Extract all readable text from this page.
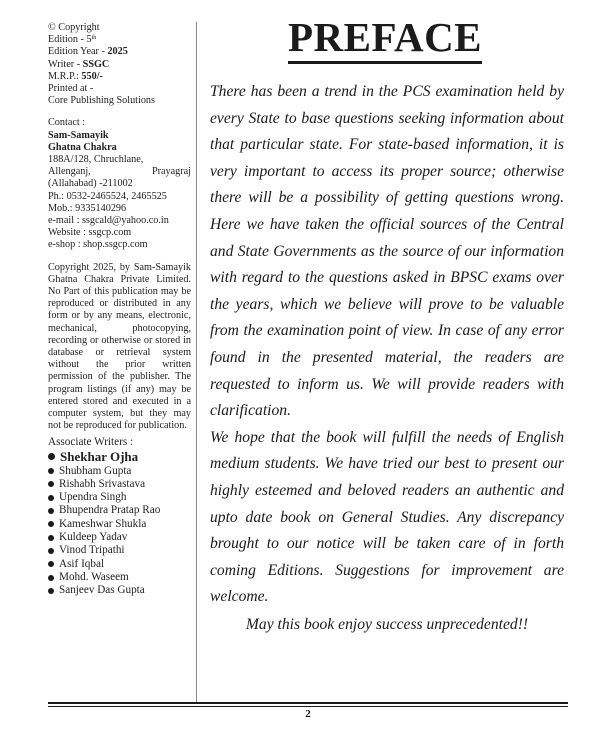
© Copyright
Edition - 5th
Edition Year - 2025
Writer - SSGC
M.R.P.: 550/-
Printed at -
Core Publishing Solutions
Contact :
Sam-Samayik
Ghatna Chakra
188A/128, Chruchlane,
Allenganj, Prayagraj
(Allahabad) -211002
Ph.: 0532-2465524, 2465525
Mob.: 9335140296
e-mail : ssgcald@yahoo.co.in
Website : ssgcp.com
e-shop : shop.ssgcp.com
Copyright 2025, by Sam-Samayik Ghatna Chakra Private Limited. No Part of this publication may be reproduced or distributed in any form or by any means, electronic, mechanical, photocopying, recording or otherwise or stored in database or retrieval system without the prior written permission of the publisher. The program listings (if any) may be entered stored and executed in a computer system, but they may not be reproduced for publication.
Associate Writers :
Shekhar Ojha
Shubham Gupta
Rishabh Srivastava
Upendra Singh
Bhupendra Pratap Rao
Kameshwar Shukla
Kuldeep Yadav
Vinod Tripathi
Asif Iqbal
Mohd. Waseem
Sanjeev Das Gupta
PREFACE

There has been a trend in the PCS examination held by every State to base questions seeking information about that particular state. For state-based information, it is very important to access its proper source; otherwise there will be a possibility of getting questions wrong. Here we have taken the official sources of the Central and State Governments as the source of our information with regard to the questions asked in BPSC exams over the years, which we believe will prove to be valuable from the examination point of view. In case of any error found in the presented material, the readers are requested to inform us. We will provide readers with clarification.

We hope that the book will fulfill the needs of English medium students. We have tried our best to present our highly esteemed and beloved readers an authentic and upto date book on General Studies. Any discrepancy brought to our notice will be taken care of in forth coming Editions. Suggestions for improvement are welcome.

May this book enjoy success unprecedented!!

2
